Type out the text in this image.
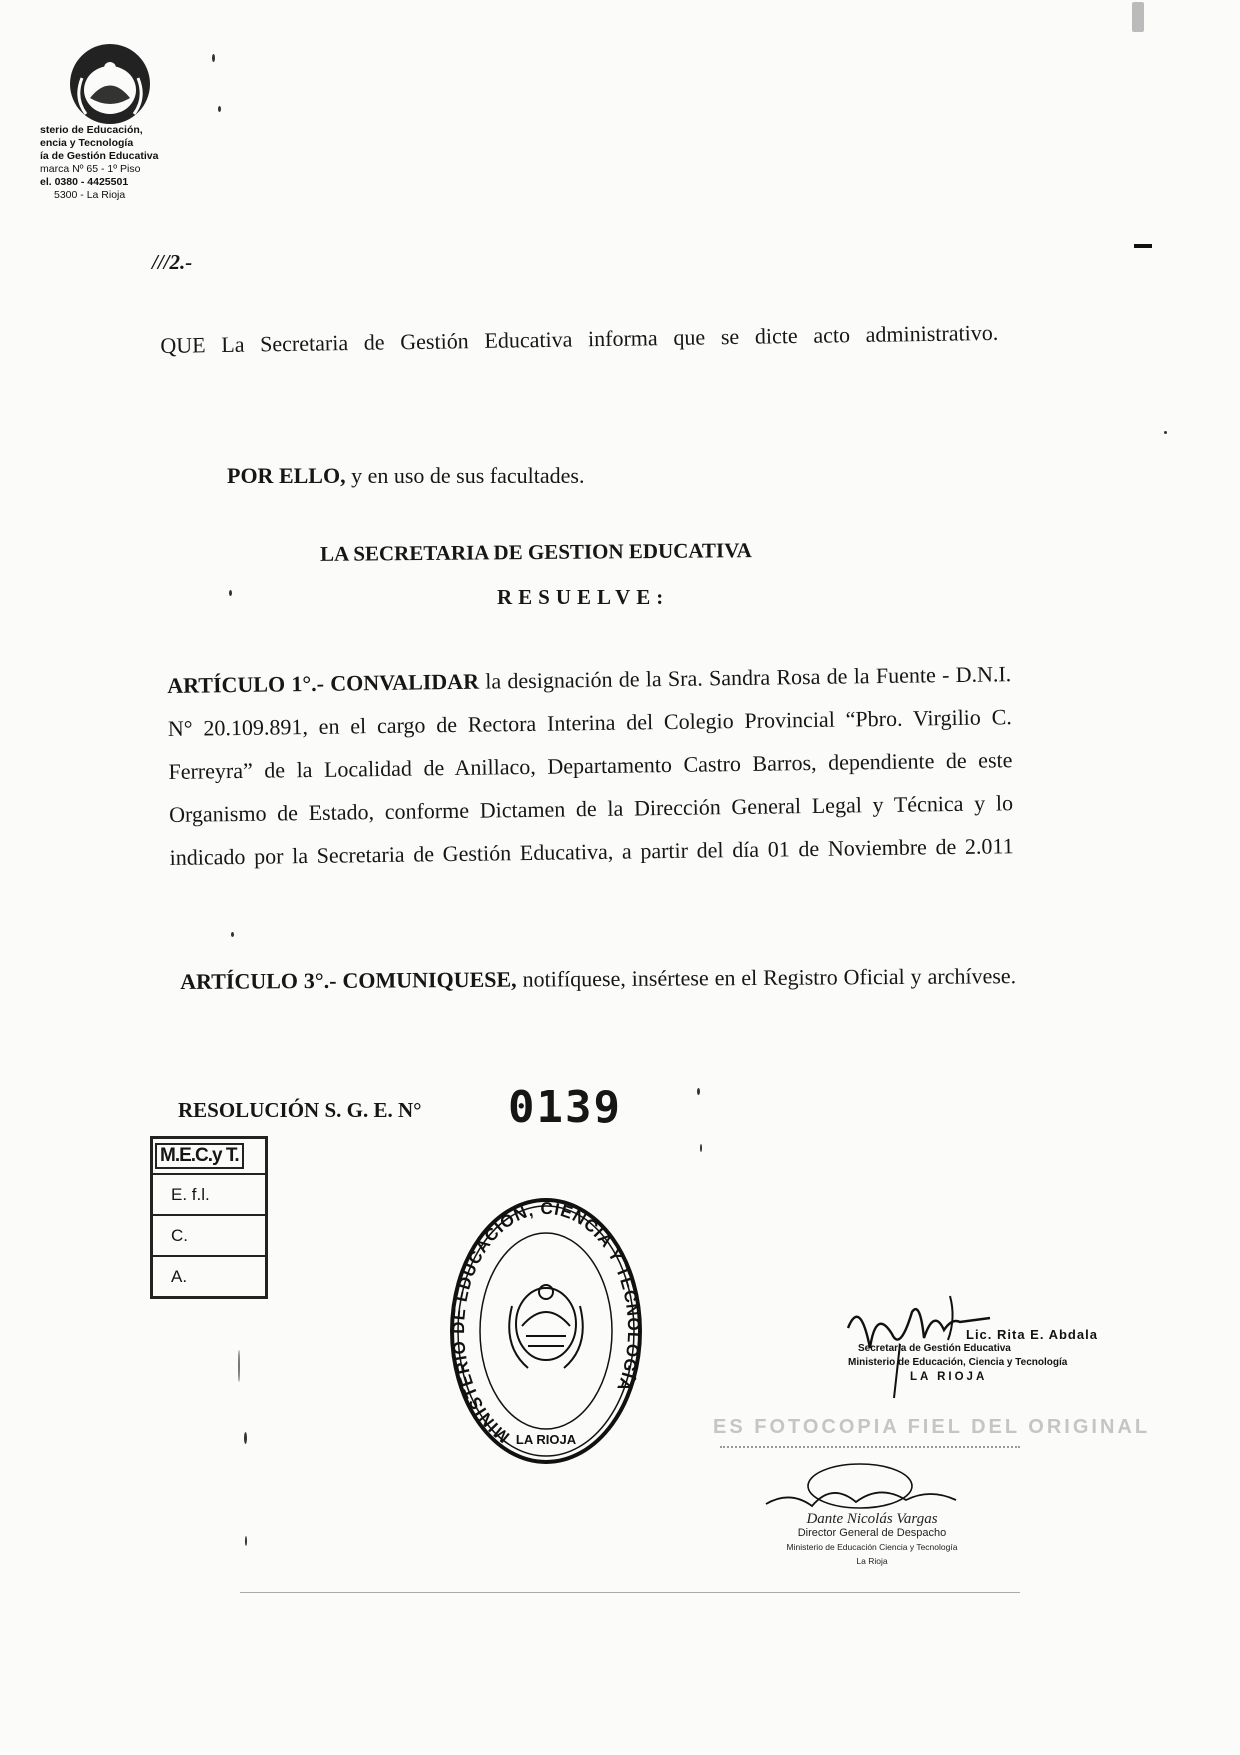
sterio de Educación,
encia y Tecnología
ía de Gestión Educativa
marca Nº 65 - 1º Piso
el. 0380 - 4425501
5300 - La Rioja
///2.-
QUE La Secretaria de Gestión Educativa informa que se dicte acto administrativo.
POR ELLO, y en uso de sus facultades.
LA SECRETARIA DE GESTION EDUCATIVA
RESUELVE:
ARTÍCULO 1°.- CONVALIDAR la designación de la Sra. Sandra Rosa de la Fuente - D.N.I. N° 20.109.891, en el cargo de Rectora Interina del Colegio Provincial “Pbro. Virgilio C. Ferreyra” de la Localidad de Anillaco, Departamento Castro Barros, dependiente de este Organismo de Estado, conforme Dictamen de la Dirección General Legal y Técnica y lo indicado por la Secretaria de Gestión Educativa, a partir del día 01 de Noviembre de 2.011
ARTÍCULO 3°.- COMUNIQUESE, notifíquese, insértese en el Registro Oficial y archívese.
RESOLUCIÓN S. G. E. N° 0139
M.E.C.y T.
E. f.l.
C.
A.
MINISTERIO DE EDUCACIÓN, CIENCIA Y TECNOLOGÍA
LA RIOJA
Lic. Rita E. Abdala
Secretaria de Gestión Educativa
Ministerio de Educación, Ciencia y Tecnología
LA RIOJA
ES FOTOCOPIA FIEL DEL ORIGINAL
Dante Nicolás Vargas
Director General de Despacho
Ministerio de Educación Ciencia y Tecnología
La Rioja
